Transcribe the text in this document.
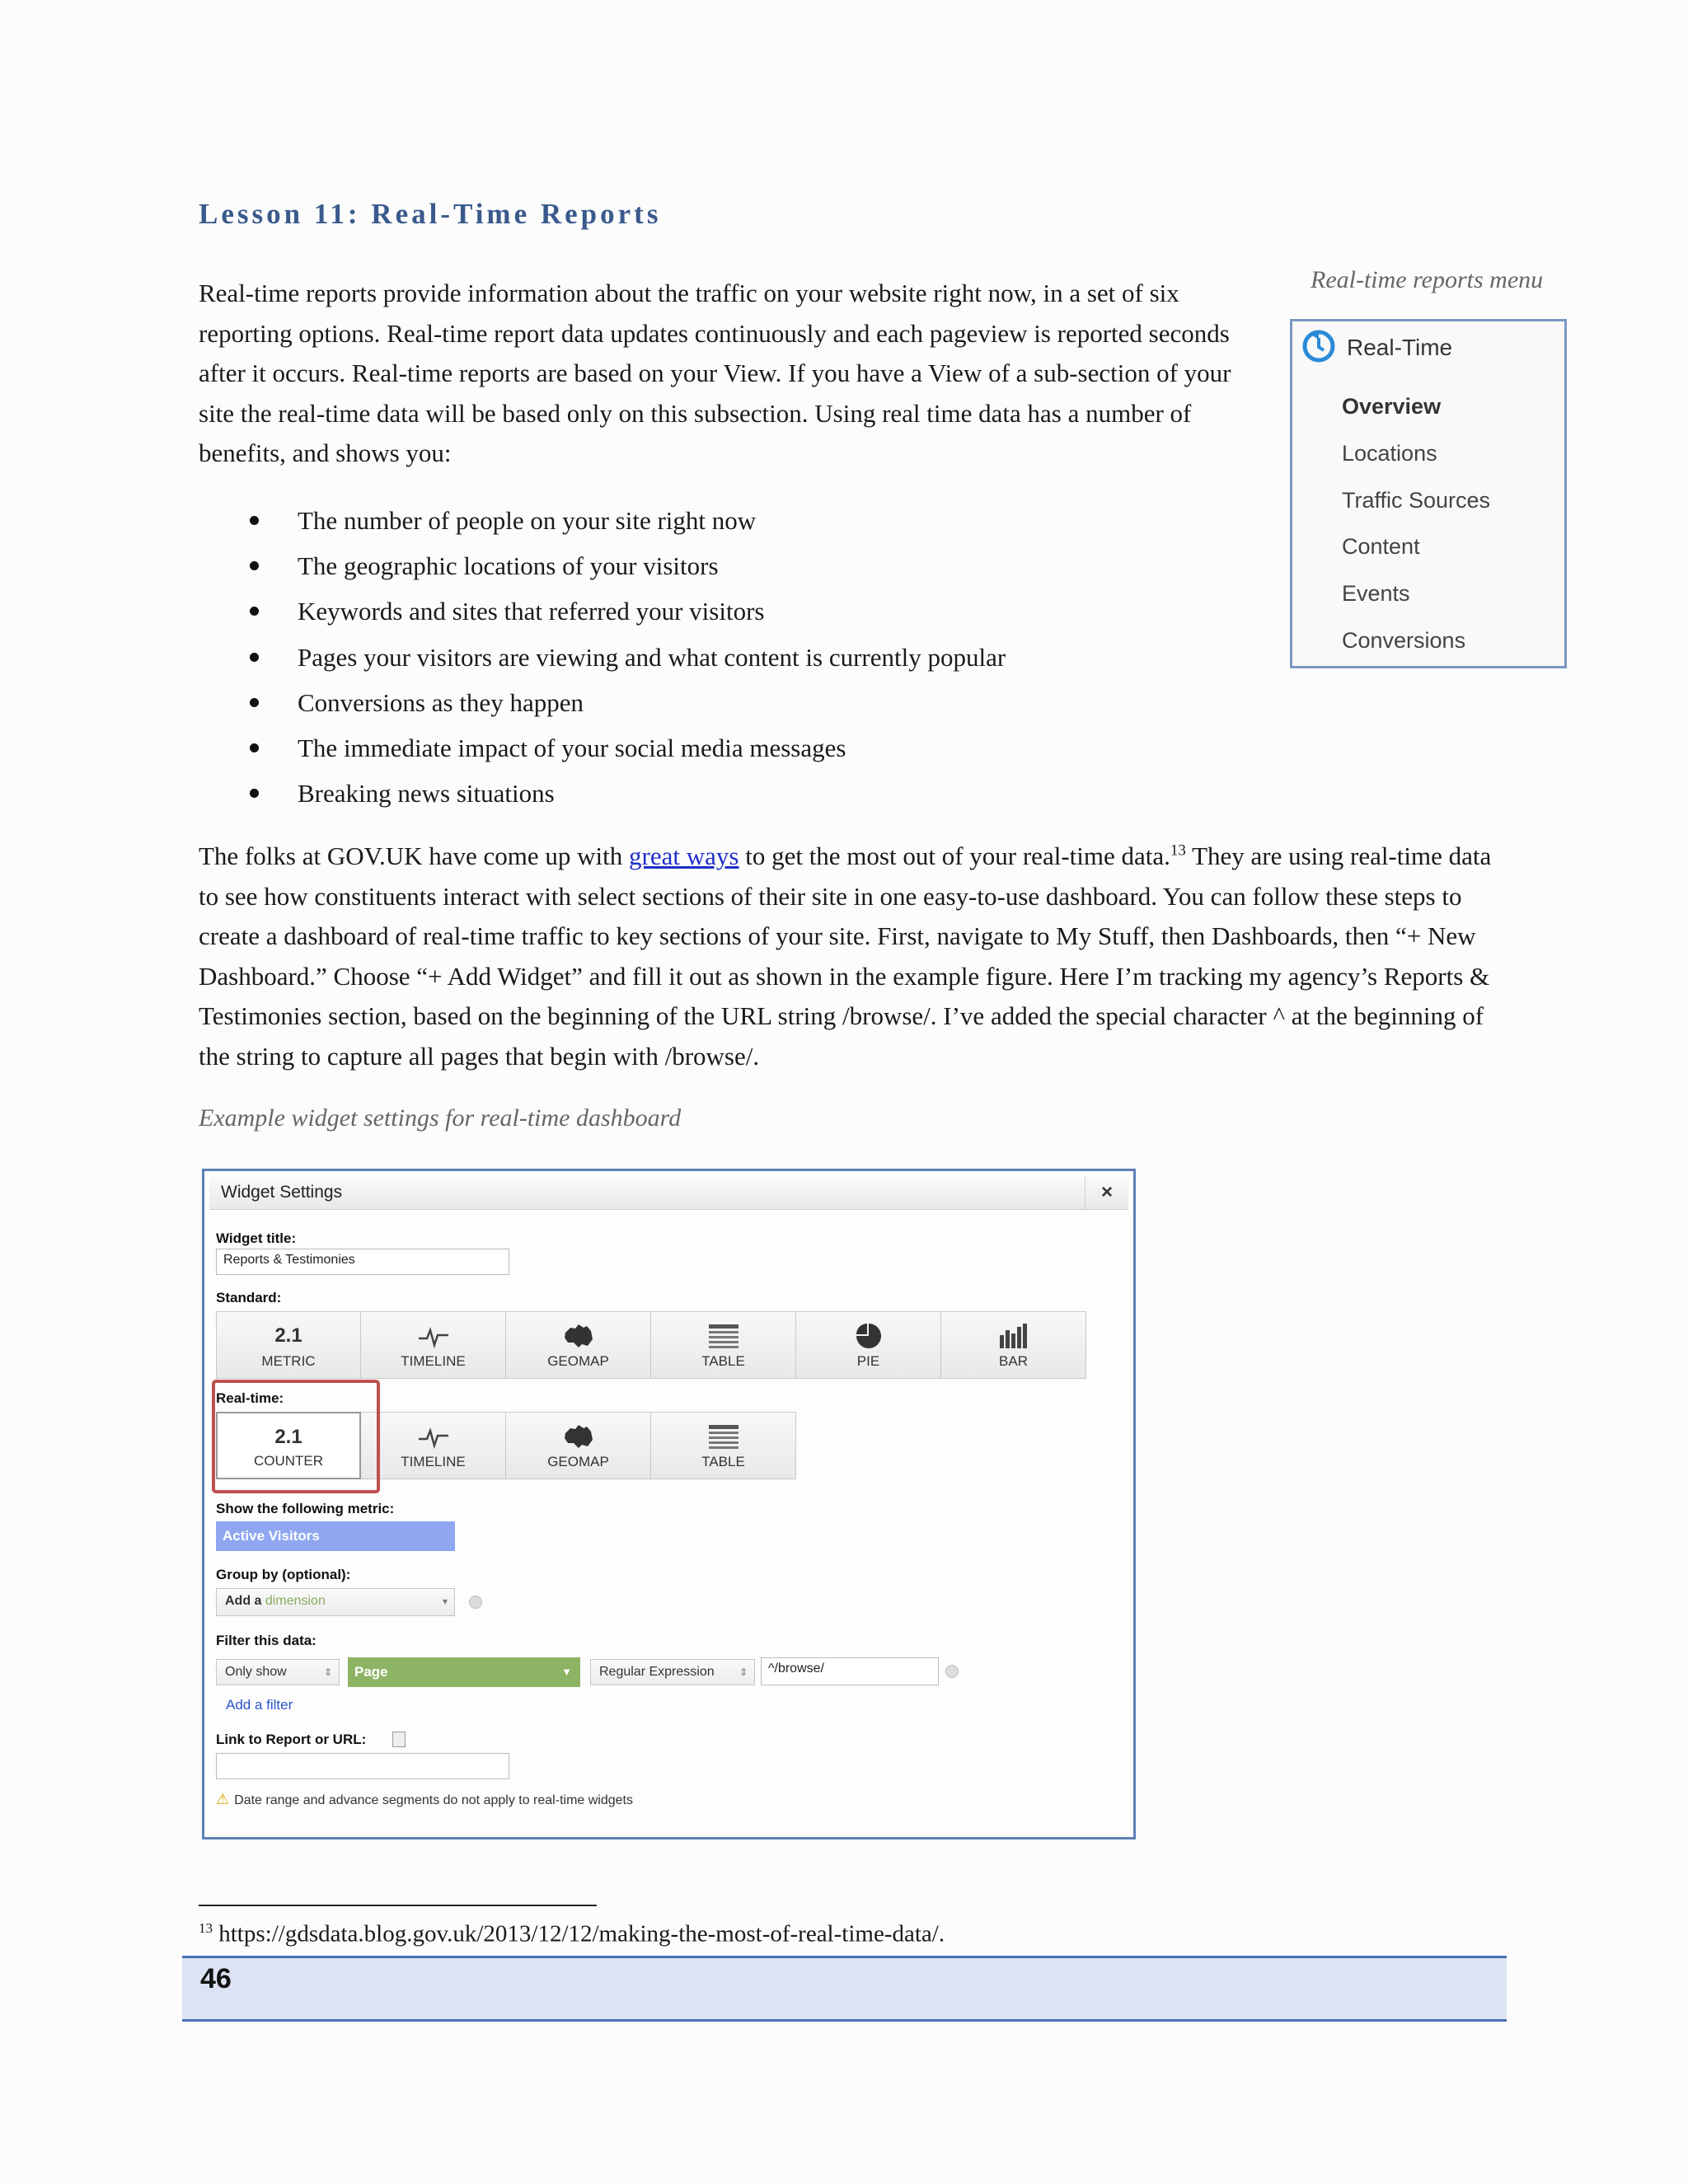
Lesson 11: Real-Time Reports

Real-time reports provide information about the traffic on your website right now, in a set of six reporting options. Real-time report data updates continuously and each pageview is reported seconds after it occurs. Real-time reports are based on your View. If you have a View of a sub-section of your site the real-time data will be based only on this subsection. Using real time data has a number of benefits, and shows you:

The number of people on your site right now
The geographic locations of your visitors
Keywords and sites that referred your visitors
Pages your visitors are viewing and what content is currently popular
Conversions as they happen
The immediate impact of your social media messages
Breaking news situations
Real-time reports menu
Real-Time
Overview
Locations
Traffic Sources
Content
Events
Conversions

The folks at GOV.UK have come up with great ways to get the most out of your real-time data.$^{13}$ They are using real-time data to see how constituents interact with select sections of their site in one easy-to-use dashboard. You can follow these steps to create a dashboard of real-time traffic to key sections of your site. First, navigate to My Stuff, then Dashboards, then “+ New Dashboard.” Choose “+ Add Widget” and fill it out as shown in the example figure. Here I’m tracking my agency’s Reports & Testimonies section, based on the beginning of the URL string /browse/. I’ve added the special character ^ at the beginning of the string to capture all pages that begin with /browse/.

Example widget settings for real-time dashboard
Widget Settings	×
Widget title:
Reports & Testimonies
Standard:
2.1
METRIC	TIMELINE	GEOMAP	TABLE	PIE	BAR
Real-time:
2.1
COUNTER	TIMELINE	GEOMAP	TABLE
Show the following metric:
Active Visitors
Group by (optional):
Add a dimension	▾
Filter this data:
Only show	⇕	Page	▼	Regular Expression	⇕	^/browse/
Add a filter
Link to Report or URL:
⚠ Date range and advance segments do not apply to real-time widgets
$^{13}$ https://gdsdata.blog.gov.uk/2013/12/12/making-the-most-of-real-time-data/.
46
